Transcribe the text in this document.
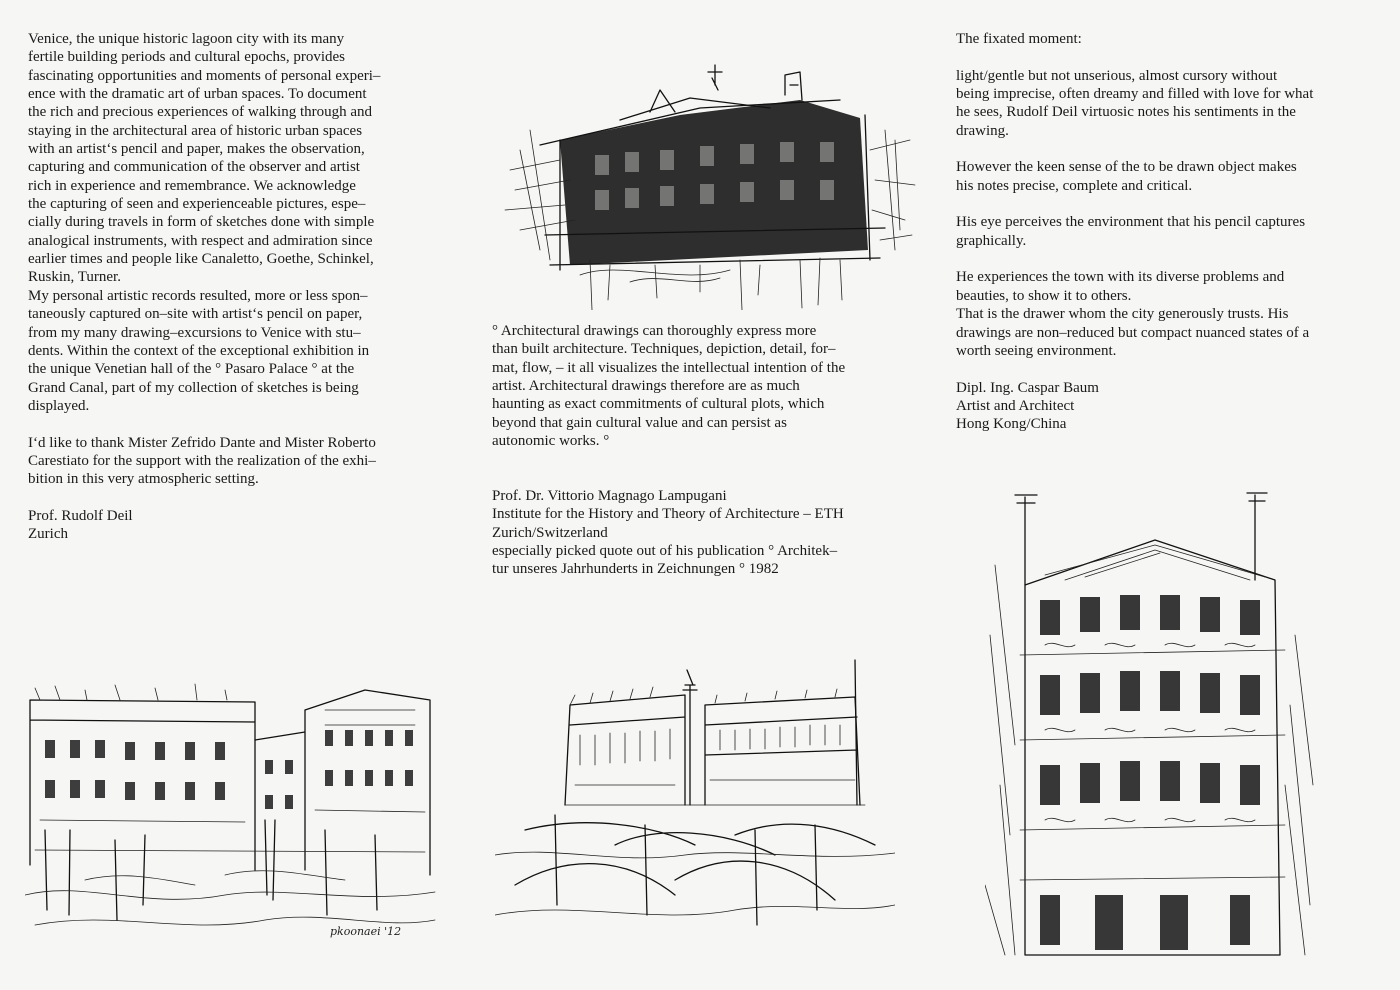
Venice, the unique historic lagoon city with its many

fertile building periods and cultural epochs, provides

fascinating opportunities and moments of personal experi–

ence with the dramatic art of urban spaces. To document

the rich and precious experiences of walking through and

staying in the architectural area of historic urban spaces

with an artist‘s pencil and paper, makes the observation,

capturing and communication of the observer and artist

rich in experience and remembrance. We acknowledge

the capturing of seen and experienceable pictures, espe–

cially during travels in form of sketches done with simple

analogical instruments, with respect and admiration since

earlier times and people like Canaletto, Goethe, Schinkel,

Ruskin, Turner.

My personal artistic records resulted, more or less spon–

taneously captured on–site with artist‘s pencil on paper,

from my many drawing–excursions to Venice with stu–

dents. Within the context of the exceptional exhibition in

the unique Venetian hall of the ° Pasaro Palace ° at the

Grand Canal, part of my collection of sketches is being

displayed.

I‘d like to thank Mister Zefrido Dante and Mister Roberto

Carestiato for the support with the realization of the exhi–

bition in this very atmospheric setting.

Prof. Rudolf Deil

Zurich

° Architectural drawings can thoroughly express more

than built architecture. Techniques, depiction, detail, for–

mat, flow, – it all visualizes the intellectual intention of the

artist. Architectural drawings therefore are as much

haunting as exact commitments of cultural plots, which

beyond that gain cultural value and can persist as

autonomic works. °

Prof. Dr. Vittorio Magnago Lampugani

Institute for the History and Theory of Architecture – ETH

Zurich/Switzerland

especially picked quote out of his publication ° Architek–

tur unseres Jahrhunderts in Zeichnungen ° 1982

The fixated moment:

light/gentle but not unserious, almost cursory without

being imprecise, often dreamy and filled with love for what

he sees, Rudolf Deil virtuosic notes his sentiments in the

drawing.

However the keen sense of the to be drawn object makes

his notes precise, complete and critical.

His eye perceives the environment that his pencil captures

graphically.

He experiences the town with its diverse problems and

beauties, to show it to others.

That is the drawer whom the city generously trusts. His

drawings are non–reduced but compact nuanced states of a

worth seeing environment.

Dipl. Ing. Caspar Baum

Artist and Architect

Hong Kong/China

pkoonaei '12
